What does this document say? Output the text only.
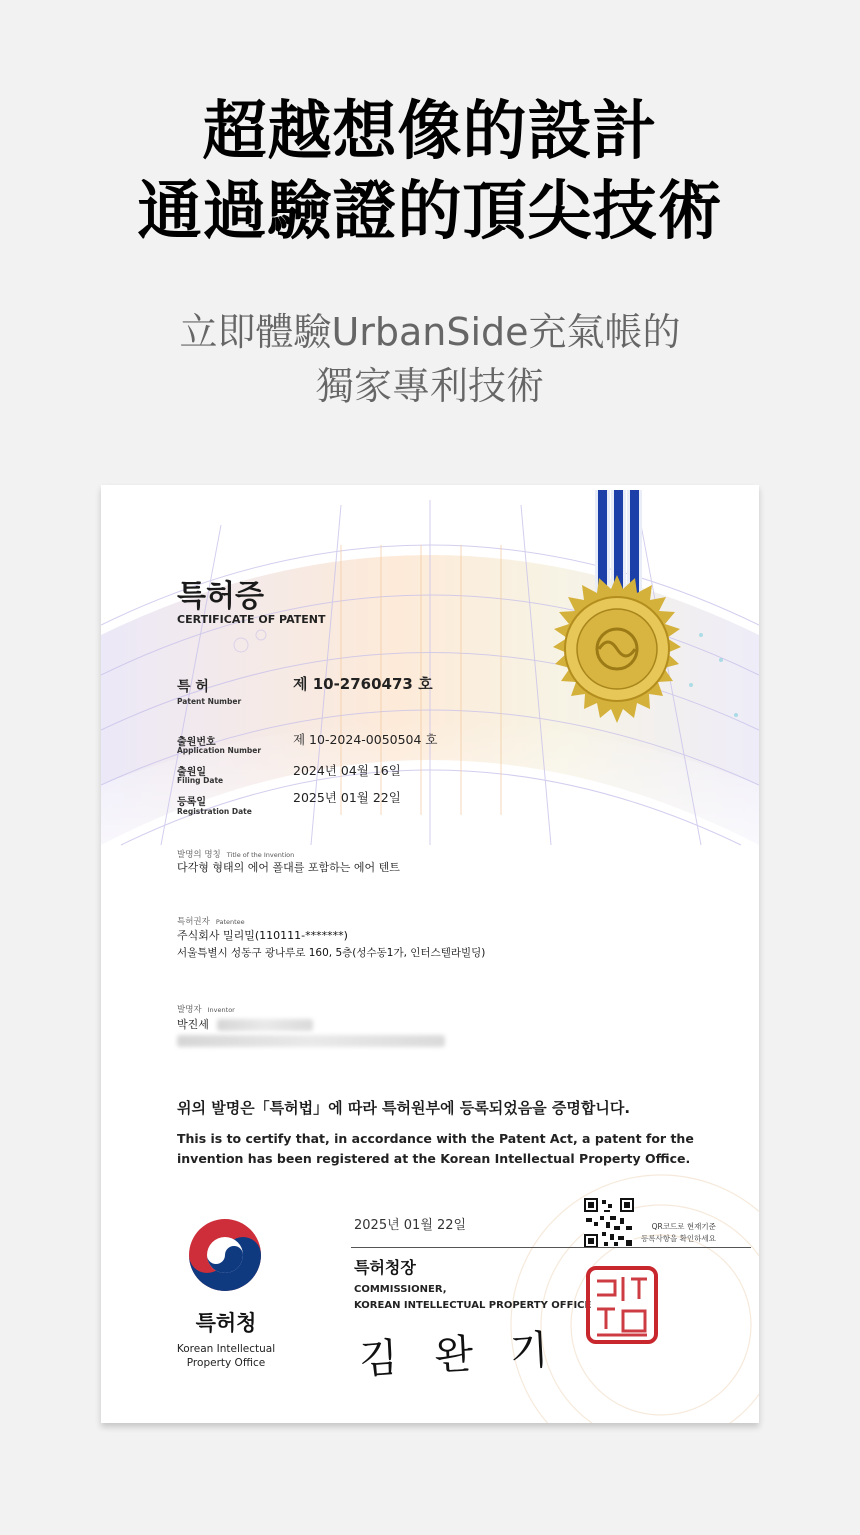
超越想像的設計
通過驗證的頂尖技術
立即體驗UrbanSide充氣帳的
獨家專利技術
특허증
CERTIFICATE OF PATENT
특 허
Patent Number
제 10-2760473 호
출원번호
Application Number
제 10-2024-0050504 호
출원일
Filing Date
2024년 04월 16일
등록일
Registration Date
2025년 01월 22일
발명의 명칭 Title of the Invention
다각형 형태의 에어 폴대를 포함하는 에어 텐트
특허권자 Patentee
주식회사 밀리밀(110111-*******)
서울특별시 성동구 광나루로 160, 5층(성수동1가, 인터스텔라빌딩)
발명자 Inventor
박진세
위의 발명은「특허법」에 따라 특허원부에 등록되었음을 증명합니다.
This is to certify that, in accordance with the Patent Act, a patent for the invention has been registered at the Korean Intellectual Property Office.
2025년 01월 22일	QR코드로 현재기준
등록사항을 확인하세요
특허청장
COMMISSIONER,
KOREAN INTELLECTUAL PROPERTY OFFICE
김 완 기
특허청
Korean Intellectual
Property Office
